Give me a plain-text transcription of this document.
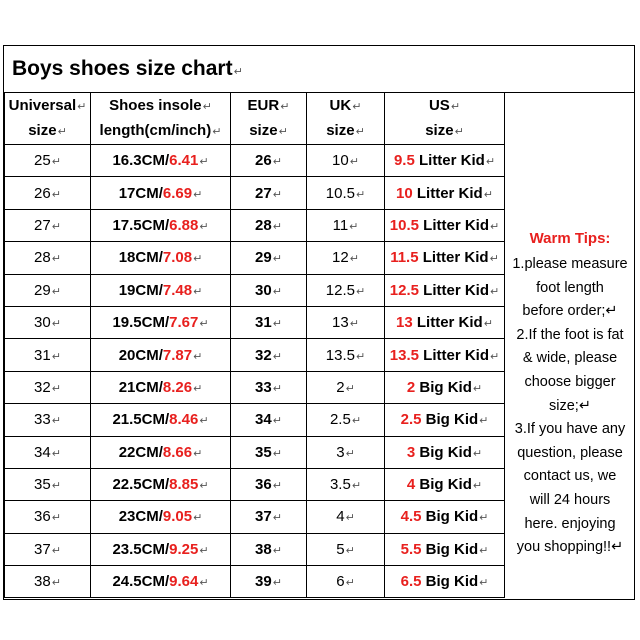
Boys shoes size chart↵
Universal↵
size↵	Shoes insole↵
length(cm/inch)↵	EUR↵
size↵	UK↵
size↵	US↵
size↵
25↵	16.3CM/6.41↵	26↵	10↵	9.5 Litter Kid↵
26↵	17CM/6.69↵	27↵	10.5↵	10 Litter Kid↵
27↵	17.5CM/6.88↵	28↵	11↵	10.5 Litter Kid↵
28↵	18CM/7.08↵	29↵	12↵	11.5 Litter Kid↵
29↵	19CM/7.48↵	30↵	12.5↵	12.5 Litter Kid↵
30↵	19.5CM/7.67↵	31↵	13↵	13 Litter Kid↵
31↵	20CM/7.87↵	32↵	13.5↵	13.5 Litter Kid↵
32↵	21CM/8.26↵	33↵	2↵	2 Big Kid↵
33↵	21.5CM/8.46↵	34↵	2.5↵	2.5 Big Kid↵
34↵	22CM/8.66↵	35↵	3↵	3 Big Kid↵
35↵	22.5CM/8.85↵	36↵	3.5↵	4 Big Kid↵
36↵	23CM/9.05↵	37↵	4↵	4.5 Big Kid↵
37↵	23.5CM/9.25↵	38↵	5↵	5.5 Big Kid↵
38↵	24.5CM/9.64↵	39↵	6↵	6.5 Big Kid↵
Warm Tips:
1.please measure
foot length
before order;↵
2.If the foot is fat
& wide, please
choose bigger
size;↵
3.If you have any
question, please
contact us, we
will 24 hours
here. enjoying
you shopping!!↵
